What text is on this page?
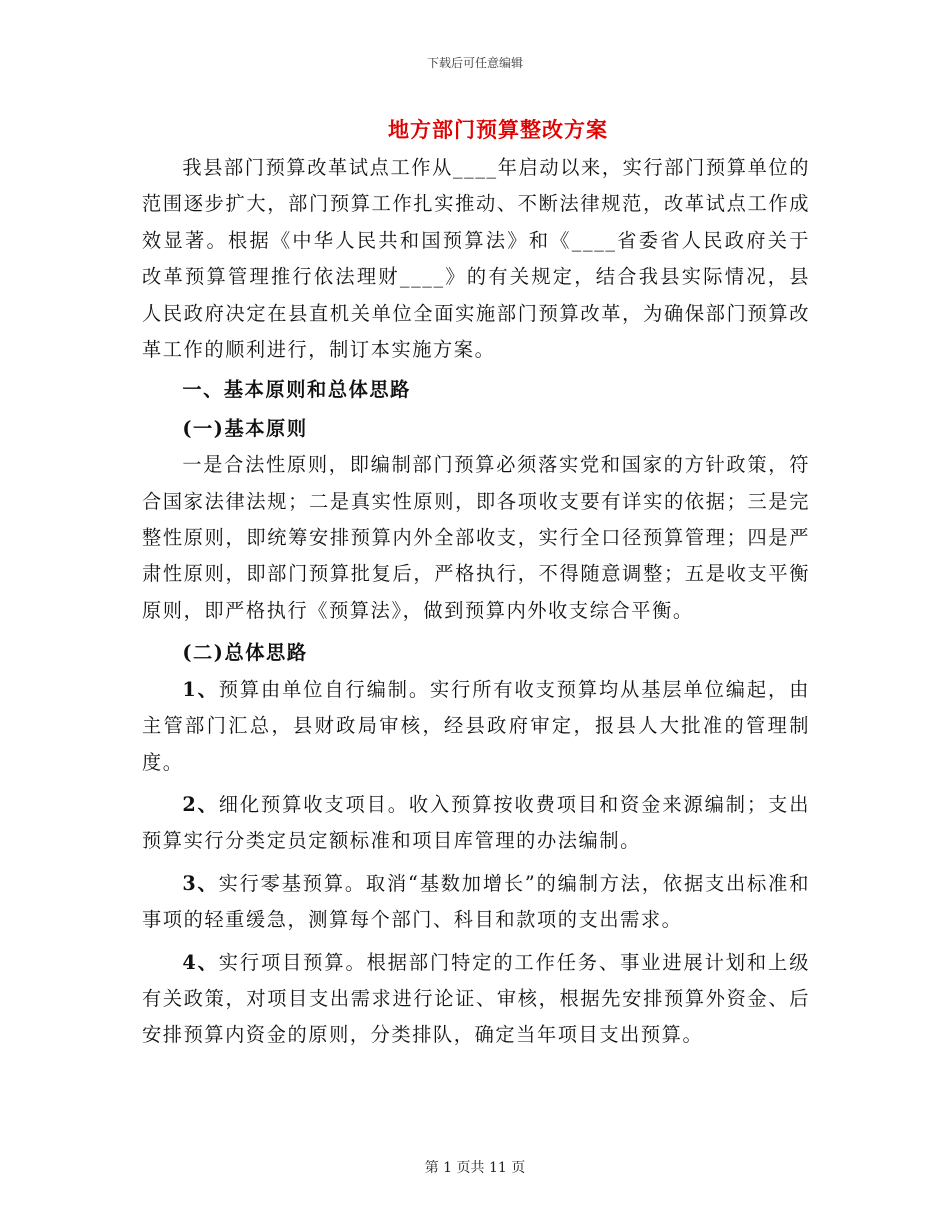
下载后可任意编辑
地方部门预算整改方案

我县部门预算改革试点工作从____年启动以来，实行部门预算单位的范围逐步扩大，部门预算工作扎实推动、不断法律规范，改革试点工作成效显著。根据《中华人民共和国预算法》和《____省委省人民政府关于改革预算管理推行依法理财____》的有关规定，结合我县实际情况，县人民政府决定在县直机关单位全面实施部门预算改革，为确保部门预算改革工作的顺利进行，制订本实施方案。

一、基本原则和总体思路

(一)基本原则

一是合法性原则，即编制部门预算必须落实党和国家的方针政策，符合国家法律法规；二是真实性原则，即各项收支要有详实的依据；三是完整性原则，即统筹安排预算内外全部收支，实行全口径预算管理；四是严肃性原则，即部门预算批复后，严格执行，不得随意调整；五是收支平衡原则，即严格执行《预算法》，做到预算内外收支综合平衡。

(二)总体思路

1、预算由单位自行编制。实行所有收支预算均从基层单位编起，由主管部门汇总，县财政局审核，经县政府审定，报县人大批准的管理制度。

2、细化预算收支项目。收入预算按收费项目和资金来源编制；支出预算实行分类定员定额标准和项目库管理的办法编制。

3、实行零基预算。取消“基数加增长”的编制方法，依据支出标准和事项的轻重缓急，测算每个部门、科目和款项的支出需求。

4、实行项目预算。根据部门特定的工作任务、事业进展计划和上级有关政策，对项目支出需求进行论证、审核，根据先安排预算外资金、后安排预算内资金的原则，分类排队，确定当年项目支出预算。

第 1 页共 11 页
